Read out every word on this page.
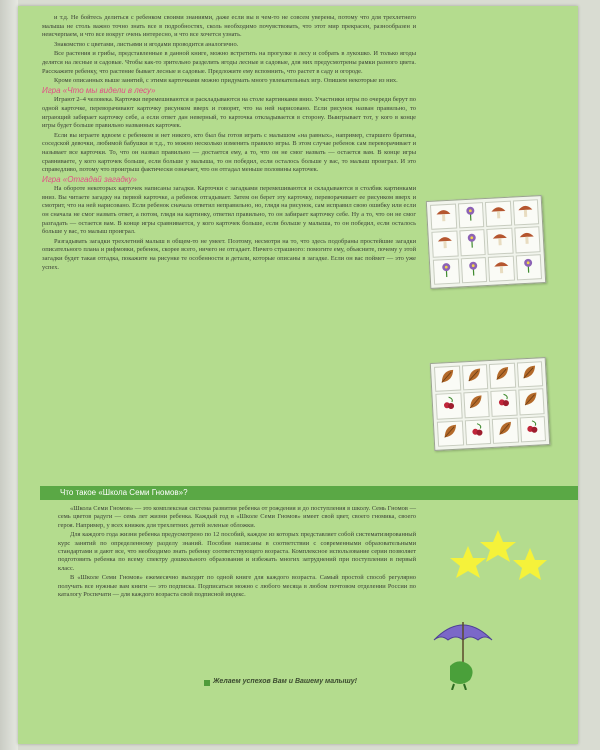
и т.д. Не бойтесь делиться с ребенком своими знаниями, даже если вы в чем-то не совсем уверены, потому что для трехлетнего малыша не столь важно точно знать все в подробностях, сколь необходимо почувствовать, что этот мир прекрасен, разнообразен и неисчерпаем, и что все вокруг очень интересно, и что все хочется узнать.

Знакомство с цветами, листьями и ягодами проводится аналогично.

Все растения и грибы, представленные в данной книге, можно встретить на прогулке в лесу и собрать в лукошко. И только ягоды делятся на лесные и садовые. Чтобы как-то зрительно разделить ягоды лесные и садовые, для них предусмотрены рамки разного цвета. Расскажите ребенку, что растение бывает лесные и садовые. Предложите ему вспомнить, что растет в саду и огороде.

Кроме описанных выше занятий, с этими карточками можно придумать много увлекательных игр. Опишем некоторые из них.

Игра «Что мы видели в лесу»

Играют 2–4 человека. Карточки перемешиваются и раскладываются на столе картинками вниз. Участники игры по очереди берут по одной карточке, переворачивают карточку рисунком вверх и говорят, что на ней нарисовано. Если рисунок назван правильно, то играющий забирает карточку себе, а если ответ дан неверный, то карточка откладывается в сторону. Выигрывает тот, у кого в конце игры будет больше правильно названных карточек.

Если вы играете вдвоем с ребенком и нет никого, кто был бы готов играть с малышом «на равных», например, старшего братика, соседской девочки, любимой бабушки и т.д., то можно несколько изменить правило игры. В этом случае ребенок сам переворачивает и называет все карточки. То, что он назвал правильно — достается ему, а то, что он не смог назвать — остается вам. В конце игры сравниваете, у кого карточек больше, если больше у малыша, то он победил, если осталось больше у вас, то малыш проиграл. И это справедливо, потому что проигрыш фактически означает, что он отгадал меньше половины карточек.

Игра «Отгадай загадку»

На обороте некоторых карточек написаны загадки. Карточки с загадками перемешиваются и складываются в столбик картинками вниз. Вы читаете загадку на первой карточке, а ребенок отгадывает. Затем он берет эту карточку, переворачивает ее рисунком вверх и смотрит, что на ней нарисовано. Если ребенок сначала ответил неправильно, но, глядя на рисунок, сам исправил свою ошибку или если он сначала не смог назвать ответ, а потом, глядя на картинку, ответил правильно, то он забирает карточку себе. Ну а то, что он не смог разгадать — остается вам. В конце игры сравнивается, у кого карточек больше, если больше у малыша, то он победил, если осталось больше у вас, то малыш проиграл.

Разгадывать загадки трехлетний малыш в общем-то не умеет. Поэтому, несмотря на то, что здесь подобраны простейшие загадки описательного плана и рифмовки, ребенок, скорее всего, ничего не отгадает. Ничего страшного: помогите ему, объясните, почему у этой загадки будет такая отгадка, покажите на рисунке те особенности и детали, которые описаны в загадке. Если он вас поймет — это уже успех.

Что такое «Школа Семи Гномов»?

«Школа Семи Гномов» — это комплексная система развития ребенка от рождения и до поступления в школу. Семь Гномов — семь цветов радуги — семь лет жизни ребенка. Каждый год в «Школе Семи Гномов» имеет свой цвет, своего гномика, своего героя. Например, у всех книжек для трехлетних детей зеленые обложки.

Для каждого года жизни ребенка предусмотрено по 12 пособий, каждое из которых представляет собой систематизированный курс занятий по определенному разделу знаний. Пособия написаны в соответствии с современными образовательными стандартами и дают все, что необходимо знать ребенку соответствующего возраста. Комплексное использование серии позволяет подготовить ребенка по всему спектру дошкольного образования и избежать многих затруднений при поступлении в первый класс.

В «Школе Семи Гномов» ежемесячно выходит по одной книге для каждого возраста. Самый простой способ регулярно получать все нужные вам книги — это подписка. Подписаться можно с любого месяца в любом почтовом отделении России по каталогу Роспечати — для каждого возраста свой подписной индекс.

Желаем успехов Вам и Вашему малышу!
